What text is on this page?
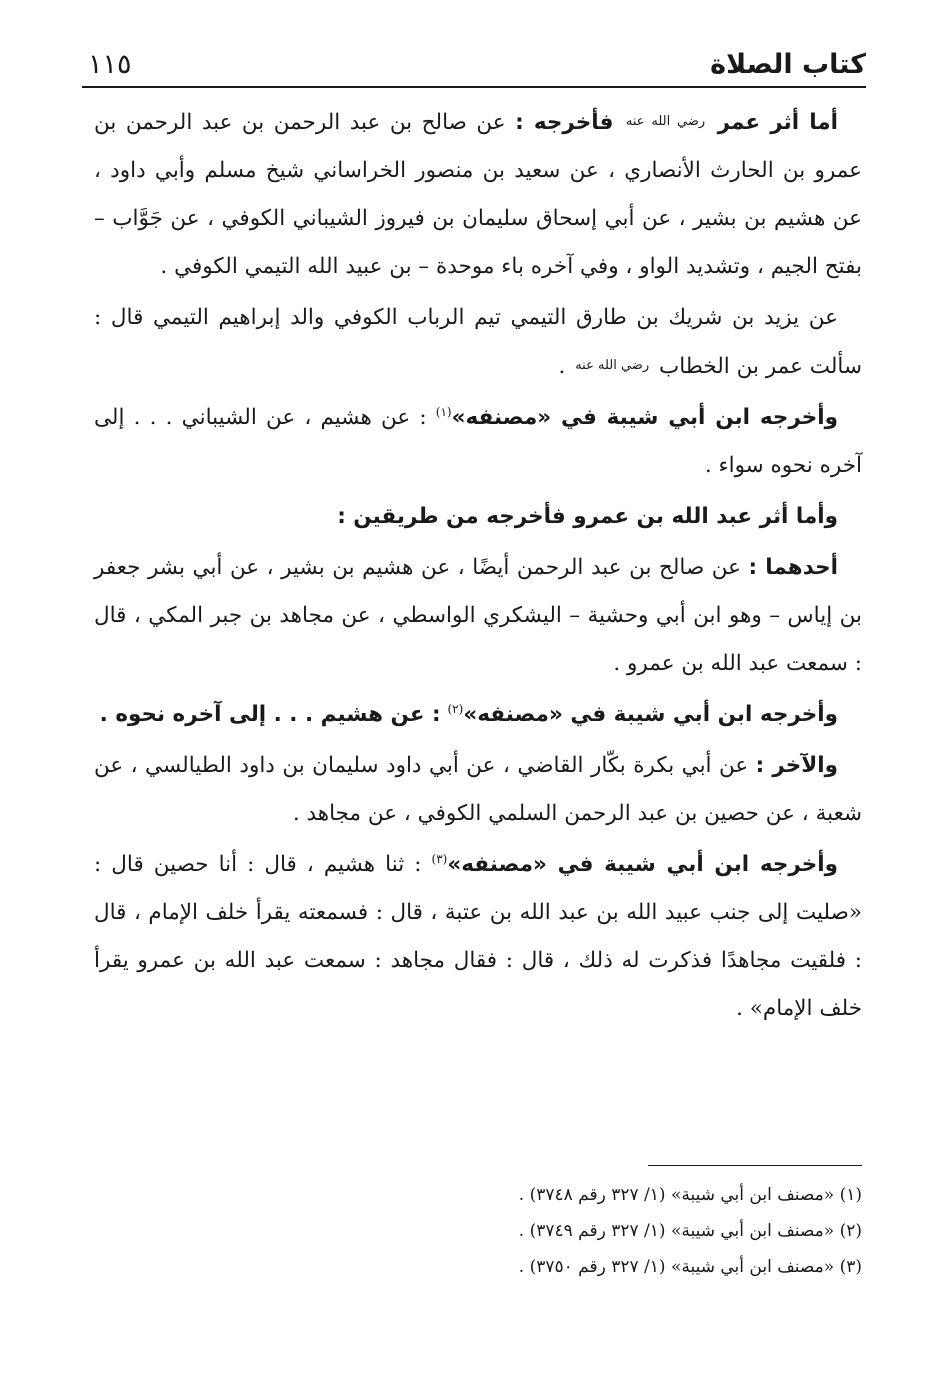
كتاب الصلاة
١١٥

أما أثر عمر رضي الله عنه فأخرجه : عن صالح بن عبد الرحمن بن عبد الرحمن بن عمرو بن الحارث الأنصاري ، عن سعيد بن منصور الخراساني شيخ مسلم وأبي داود ، عن هشيم بن بشير ، عن أبي إسحاق سليمان بن فيروز الشيباني الكوفي ، عن جَوَّاب – بفتح الجيم ، وتشديد الواو ، وفي آخره باء موحدة – بن عبيد الله التيمي الكوفي .

عن يزيد بن شريك بن طارق التيمي تيم الرباب الكوفي والد إبراهيم التيمي قال : سألت عمر بن الخطاب رضي الله عنه .

وأخرجه ابن أبي شيبة في «مصنفه»$^{(١)}$ : عن هشيم ، عن الشيباني . . . إلى آخره نحوه سواء .

وأما أثر عبد الله بن عمرو فأخرجه من طريقين :

أحدهما : عن صالح بن عبد الرحمن أيضًا ، عن هشيم بن بشير ، عن أبي بشر جعفر بن إياس – وهو ابن أبي وحشية – اليشكري الواسطي ، عن مجاهد بن جبر المكي ، قال : سمعت عبد الله بن عمرو .

وأخرجه ابن أبي شيبة في «مصنفه»$^{(٢)}$ : عن هشيم . . . إلى آخره نحوه .

والآخر : عن أبي بكرة بكّار القاضي ، عن أبي داود سليمان بن داود الطيالسي ، عن شعبة ، عن حصين بن عبد الرحمن السلمي الكوفي ، عن مجاهد .

وأخرجه ابن أبي شيبة في «مصنفه»$^{(٣)}$ : ثنا هشيم ، قال : أنا حصين قال : «صليت إلى جنب عبيد الله بن عبد الله بن عتبة ، قال : فسمعته يقرأ خلف الإمام ، قال : فلقيت مجاهدًا فذكرت له ذلك ، قال : فقال مجاهد : سمعت عبد الله بن عمرو يقرأ خلف الإمام» .

(١) «مصنف ابن أبي شيبة» (١/ ٣٢٧ رقم ٣٧٤٨) .

(٢) «مصنف ابن أبي شيبة» (١/ ٣٢٧ رقم ٣٧٤٩) .

(٣) «مصنف ابن أبي شيبة» (١/ ٣٢٧ رقم ٣٧٥٠) .
